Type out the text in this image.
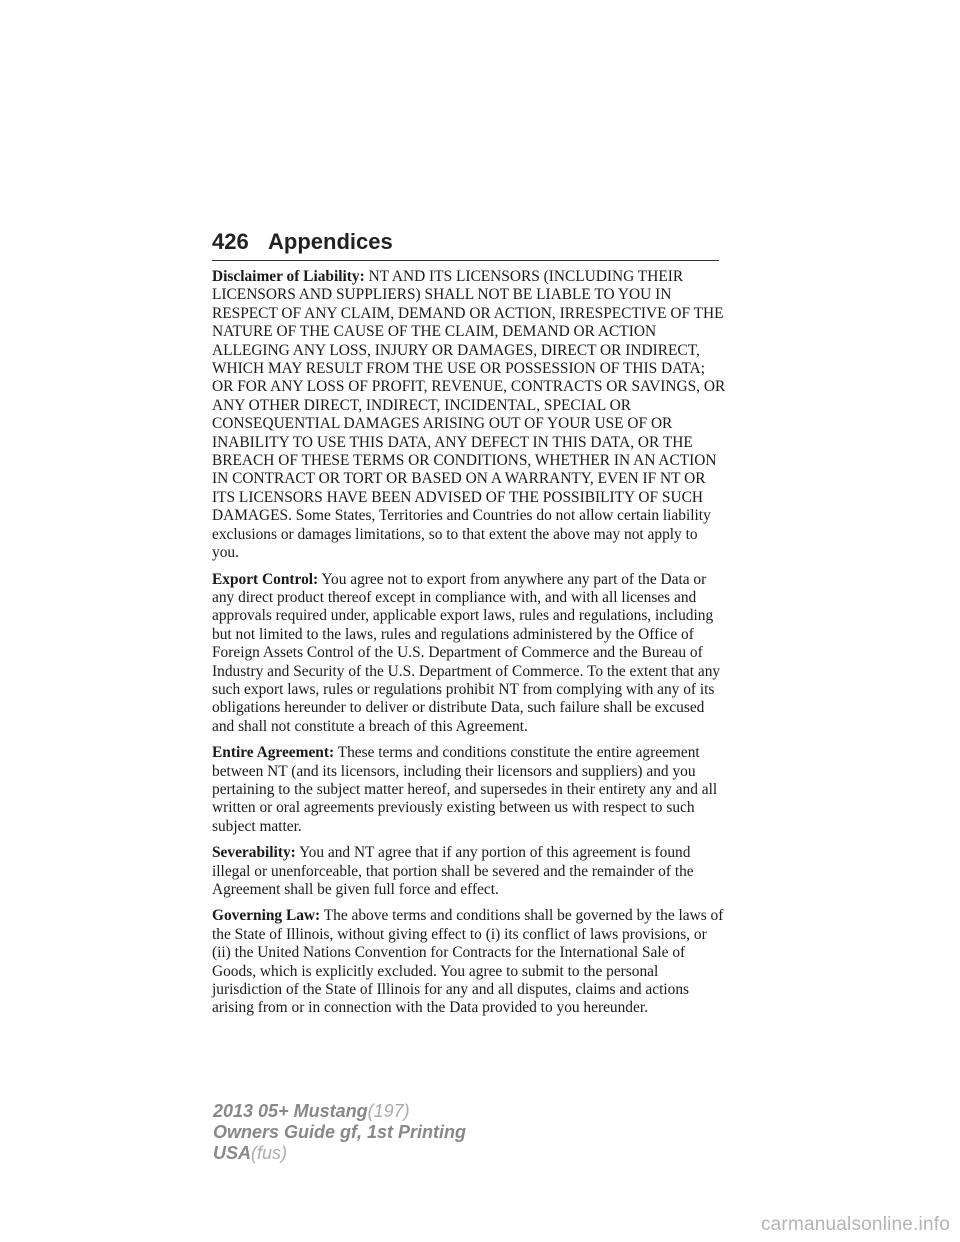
426 Appendices

Disclaimer of Liability: NT AND ITS LICENSORS (INCLUDING THEIR LICENSORS AND SUPPLIERS) SHALL NOT BE LIABLE TO YOU IN RESPECT OF ANY CLAIM, DEMAND OR ACTION, IRRESPECTIVE OF THE NATURE OF THE CAUSE OF THE CLAIM, DEMAND OR ACTION ALLEGING ANY LOSS, INJURY OR DAMAGES, DIRECT OR INDIRECT, WHICH MAY RESULT FROM THE USE OR POSSESSION OF THIS DATA; OR FOR ANY LOSS OF PROFIT, REVENUE, CONTRACTS OR SAVINGS, OR ANY OTHER DIRECT, INDIRECT, INCIDENTAL, SPECIAL OR CONSEQUENTIAL DAMAGES ARISING OUT OF YOUR USE OF OR INABILITY TO USE THIS DATA, ANY DEFECT IN THIS DATA, OR THE BREACH OF THESE TERMS OR CONDITIONS, WHETHER IN AN ACTION IN CONTRACT OR TORT OR BASED ON A WARRANTY, EVEN IF NT OR ITS LICENSORS HAVE BEEN ADVISED OF THE POSSIBILITY OF SUCH DAMAGES. Some States, Territories and Countries do not allow certain liability exclusions or damages limitations, so to that extent the above may not apply to you.

Export Control: You agree not to export from anywhere any part of the Data or any direct product thereof except in compliance with, and with all licenses and approvals required under, applicable export laws, rules and regulations, including but not limited to the laws, rules and regulations administered by the Office of Foreign Assets Control of the U.S. Department of Commerce and the Bureau of Industry and Security of the U.S. Department of Commerce. To the extent that any such export laws, rules or regulations prohibit NT from complying with any of its obligations hereunder to deliver or distribute Data, such failure shall be excused and shall not constitute a breach of this Agreement.

Entire Agreement: These terms and conditions constitute the entire agreement between NT (and its licensors, including their licensors and suppliers) and you pertaining to the subject matter hereof, and supersedes in their entirety any and all written or oral agreements previously existing between us with respect to such subject matter.

Severability: You and NT agree that if any portion of this agreement is found illegal or unenforceable, that portion shall be severed and the remainder of the Agreement shall be given full force and effect.

Governing Law: The above terms and conditions shall be governed by the laws of the State of Illinois, without giving effect to (i) its conflict of laws provisions, or (ii) the United Nations Convention for Contracts for the International Sale of Goods, which is explicitly excluded. You agree to submit to the personal jurisdiction of the State of Illinois for any and all disputes, claims and actions arising from or in connection with the Data provided to you hereunder.

2013 05+ Mustang(197)
Owners Guide gf, 1st Printing
USA(fus)
carmanualsonline.info
